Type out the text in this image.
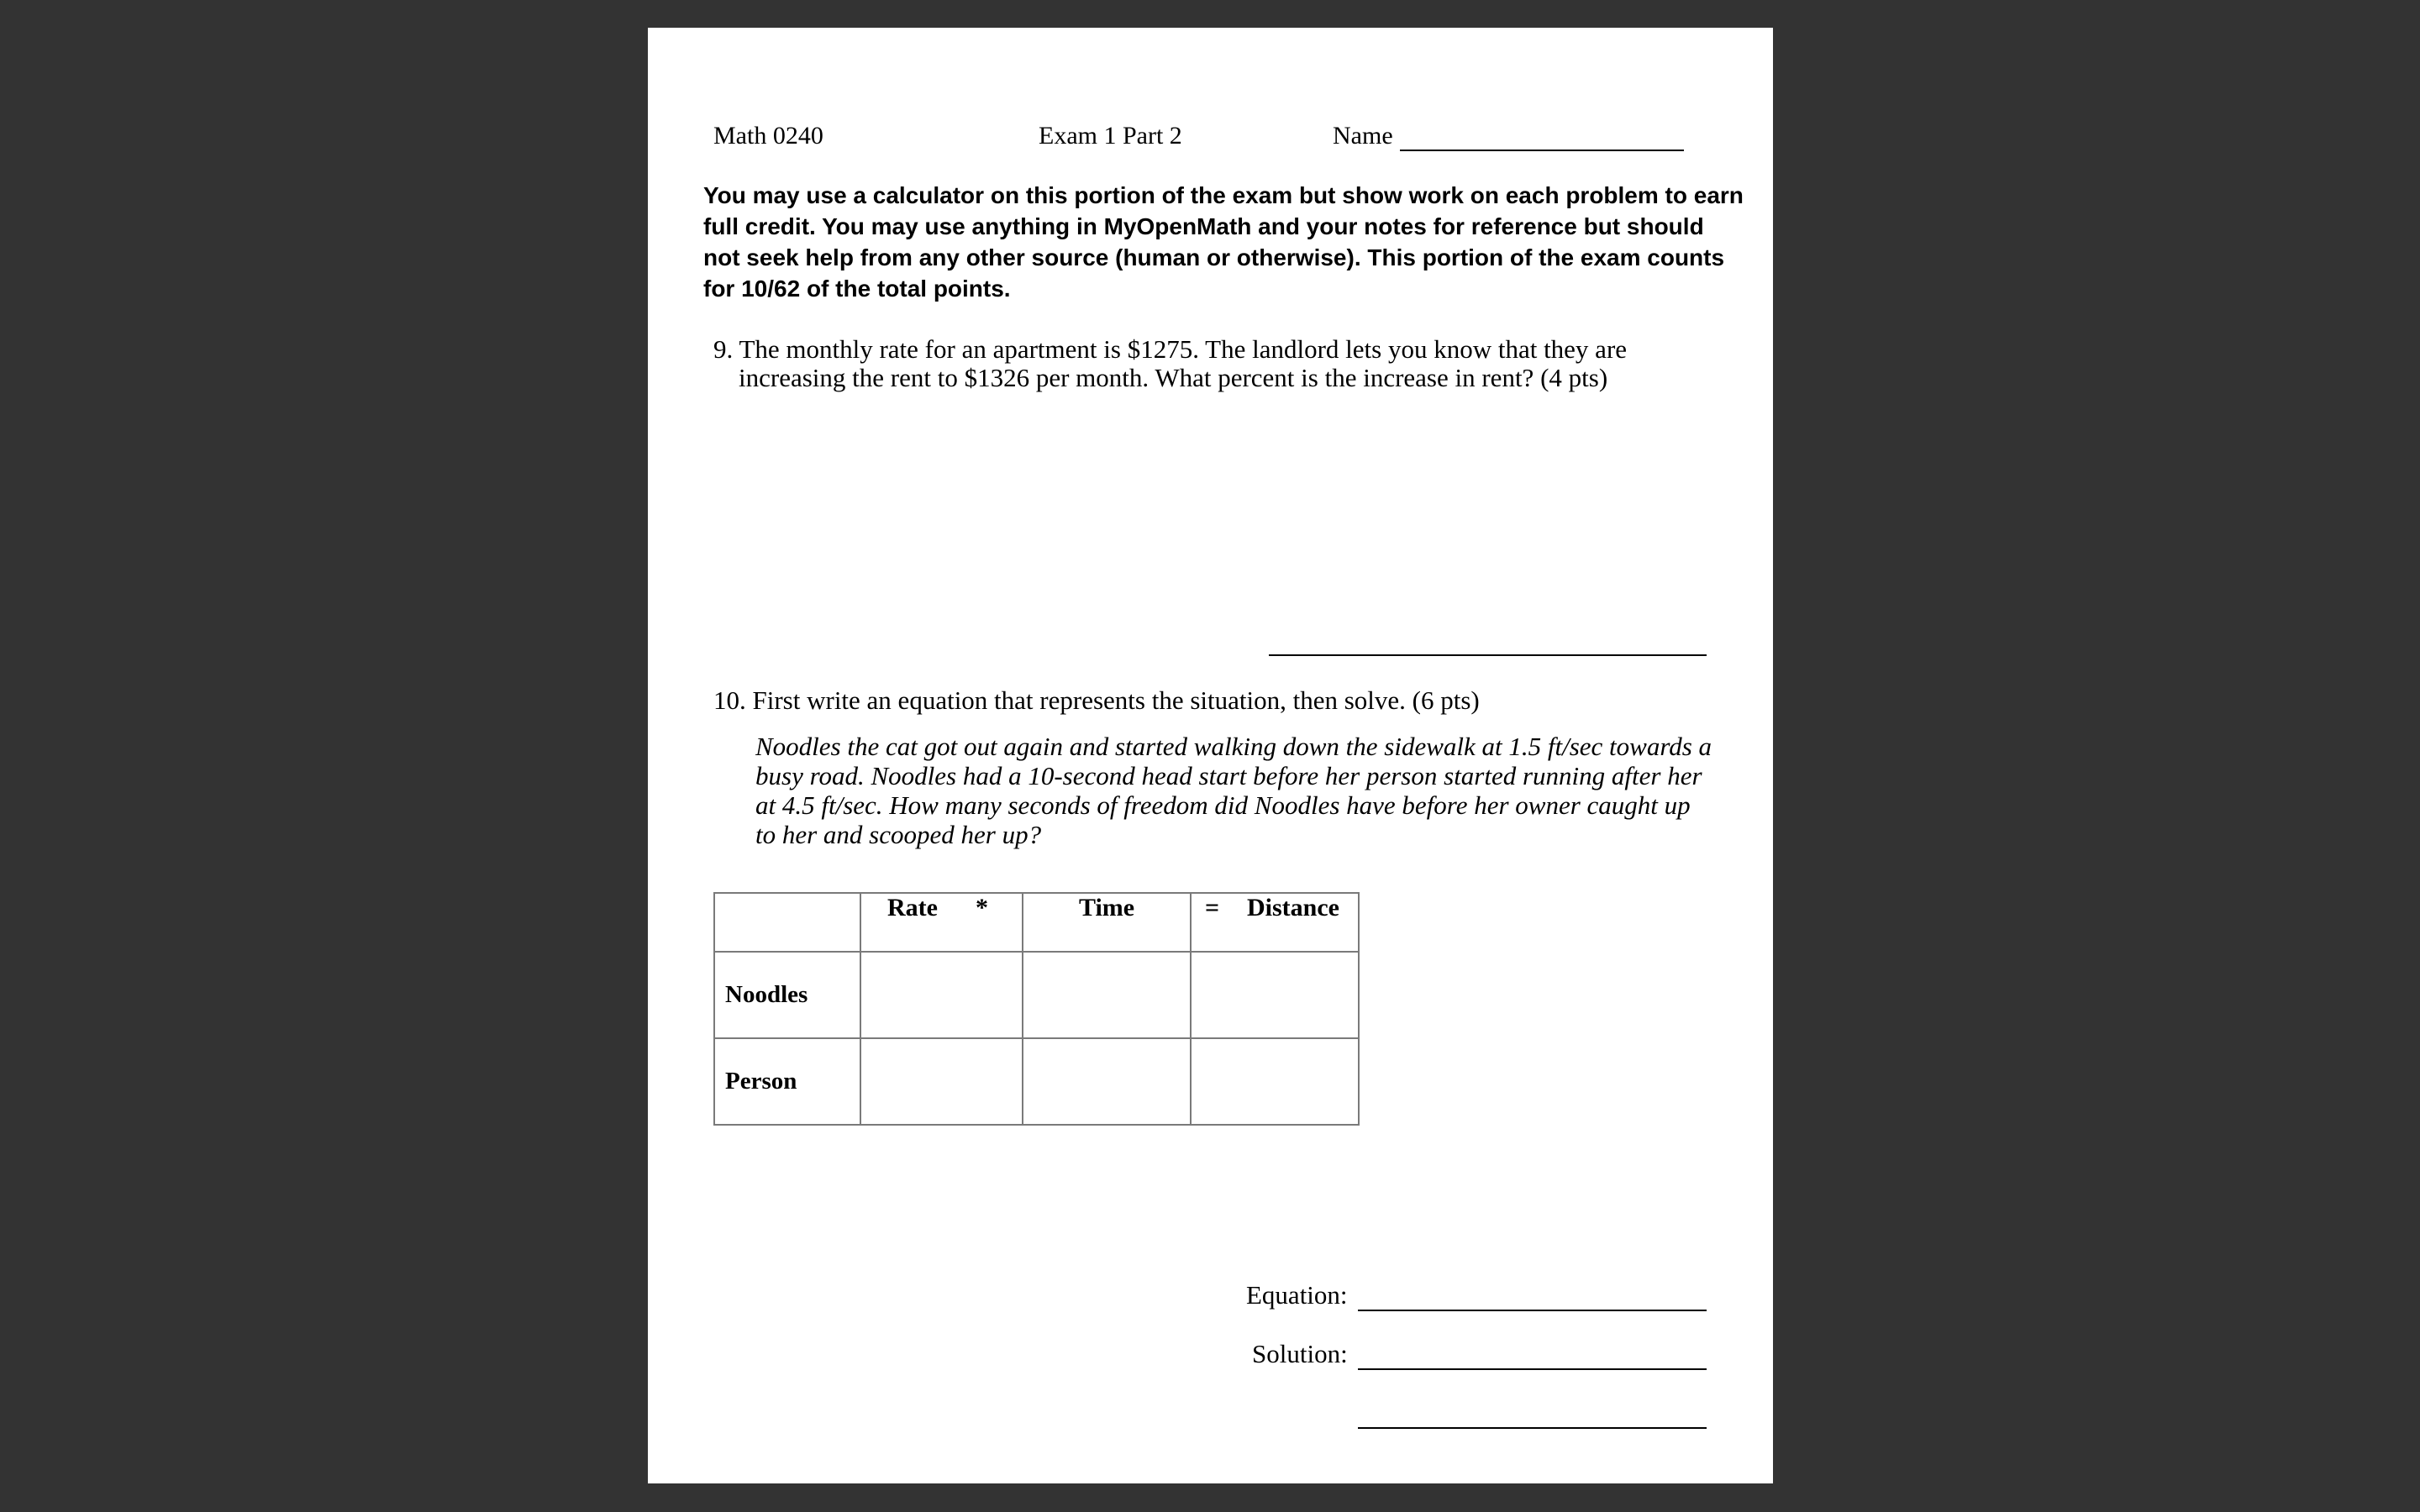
Math 0240	Exam 1 Part 2	Name
You may use a calculator on this portion of the exam but show work on each problem to earn
full credit. You may use anything in MyOpenMath and your notes for reference but should
not seek help from any other source (human or otherwise). This portion of the exam counts
for 10/62 of the total points.
9. The monthly rate for an apartment is $1275. The landlord lets you know that they are
increasing the rent to $1326 per month. What percent is the increase in rent? (4 pts)
10. First write an equation that represents the situation, then solve. (6 pts)
Noodles the cat got out again and started walking down the sidewalk at 1.5 ft/sec towards a
busy road. Noodles had a 10-second head start before her person started running after her
at 4.5 ft/sec. How many seconds of freedom did Noodles have before her owner caught up
to her and scooped her up?

	Rate *	Time	= Distance

Noodles			
Person			
Equation:
Solution:
